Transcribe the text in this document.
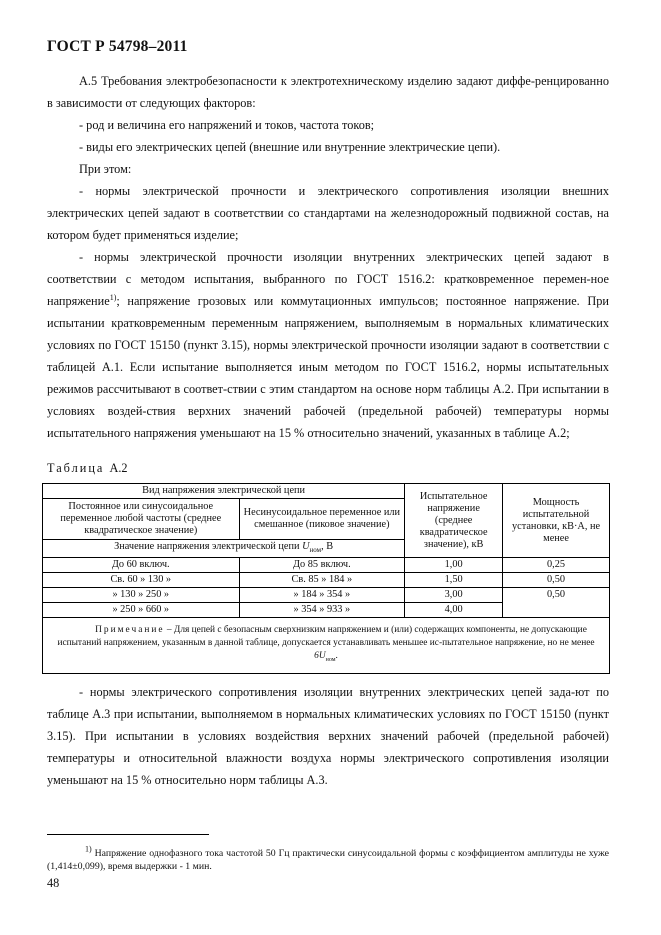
ГОСТ Р 54798–2011

А.5 Требования электробезопасности к электротехническому изделию задают диффе-ренцированно в зависимости от следующих факторов:

- род и величина его напряжений и токов, частота токов;

- виды его электрических цепей (внешние или внутренние электрические цепи).

При этом:

- нормы электрической прочности и электрического сопротивления изоляции внешних электрических цепей задают в соответствии со стандартами на железнодорожный подвижной состав, на котором будет применяться изделие;

- нормы электрической прочности изоляции внутренних электрических цепей задают в соответствии с методом испытания, выбранного по ГОСТ 1516.2: кратковременное перемен-ное напряжение$^{1)}$; напряжение грозовых или коммутационных импульсов; постоянное напряжение. При испытании кратковременным переменным напряжением, выполняемым в нормальных климатических условиях по ГОСТ 15150 (пункт 3.15), нормы электрической прочности изоляции задают в соответствии с таблицей А.1. Если испытание выполняется иным методом по ГОСТ 1516.2, нормы испытательных режимов рассчитывают в соответ-ствии с этим стандартом на основе норм таблицы А.2. При испытании в условиях воздей-ствия верхних значений рабочей (предельной рабочей) температуры нормы испытательного напряжения уменьшают на 15 % относительно значений, указанных в таблице А.2;

Таблица А.2
Вид напряжения электрической цепи		Испытательное напряжение (среднее квадратическое значение), кВ	Мощность испытательной установки, кВ·А, не менее
Постоянное или синусоидальное переменное любой частоты (среднее квадратическое значение)	Несинусоидальное переменное или смешанное (пиковое значение)		
Значение напряжения электрической цепи $U_{ном}$, В			
До 60 включ.	До 85 включ.	1,00	0,25
Св. 60 » 130 »	Св. 85 » 184 »	1,50	0,50
» 130 » 250 »	» 184 » 354 »	3,00	0,50
» 250 » 660 »	» 354 » 933 »	4,00	
Примечание – Для цепей с безопасным сверхнизким напряжением и (или) содержащих компоненты, не допускающие испытаний напряжением, указанным в данной таблице, допускается устанавливать меньшее ис-пытательное напряжение, но не менее $6U_{ном}$.			

- нормы электрического сопротивления изоляции внутренних электрических цепей зада-ют по таблице А.3 при испытании, выполняемом в нормальных климатических условиях по ГОСТ 15150 (пункт 3.15). При испытании в условиях воздействия верхних значений рабочей (предельной рабочей) температуры и относительной влажности воздуха нормы электрического сопротивления изоляции уменьшают на 15 % относительно норм таблицы А.3.

$^{1)}$ Напряжение однофазного тока частотой 50 Гц практически синусоидальной формы с коэффициентом амплитуды не хуже (1,414±0,099), время выдержки - 1 мин.
48
